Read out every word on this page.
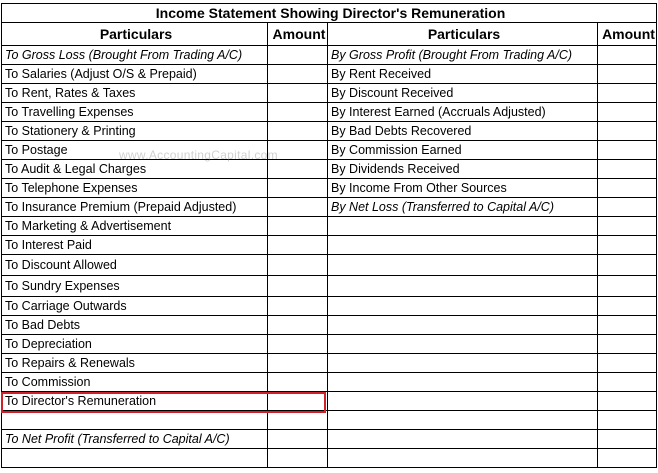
Income Statement Showing Director's Remuneration			
Particulars	Amount	Particulars	Amount
To Gross Loss (Brought From Trading A/C)		By Gross Profit (Brought From Trading A/C)	
To Salaries (Adjust O/S & Prepaid)		By Rent Received	
To Rent, Rates & Taxes		By Discount Received	
To Travelling Expenses		By Interest Earned (Accruals Adjusted)	
To Stationery & Printing		By Bad Debts Recovered	
To Postage		By Commission Earned	
To Audit & Legal Charges		By Dividends Received	
To Telephone Expenses		By Income From Other Sources	
To Insurance Premium (Prepaid Adjusted)		By Net Loss (Transferred to Capital A/C)	
To Marketing & Advertisement			
To Interest Paid			
To Discount Allowed			
To Sundry Expenses			
To Carriage Outwards			
To Bad Debts			
To Depreciation			
To Repairs & Renewals			
To Commission			
To Director's Remuneration			

To Net Profit (Transferred to Capital A/C)			

www.AccountingCapital.com
